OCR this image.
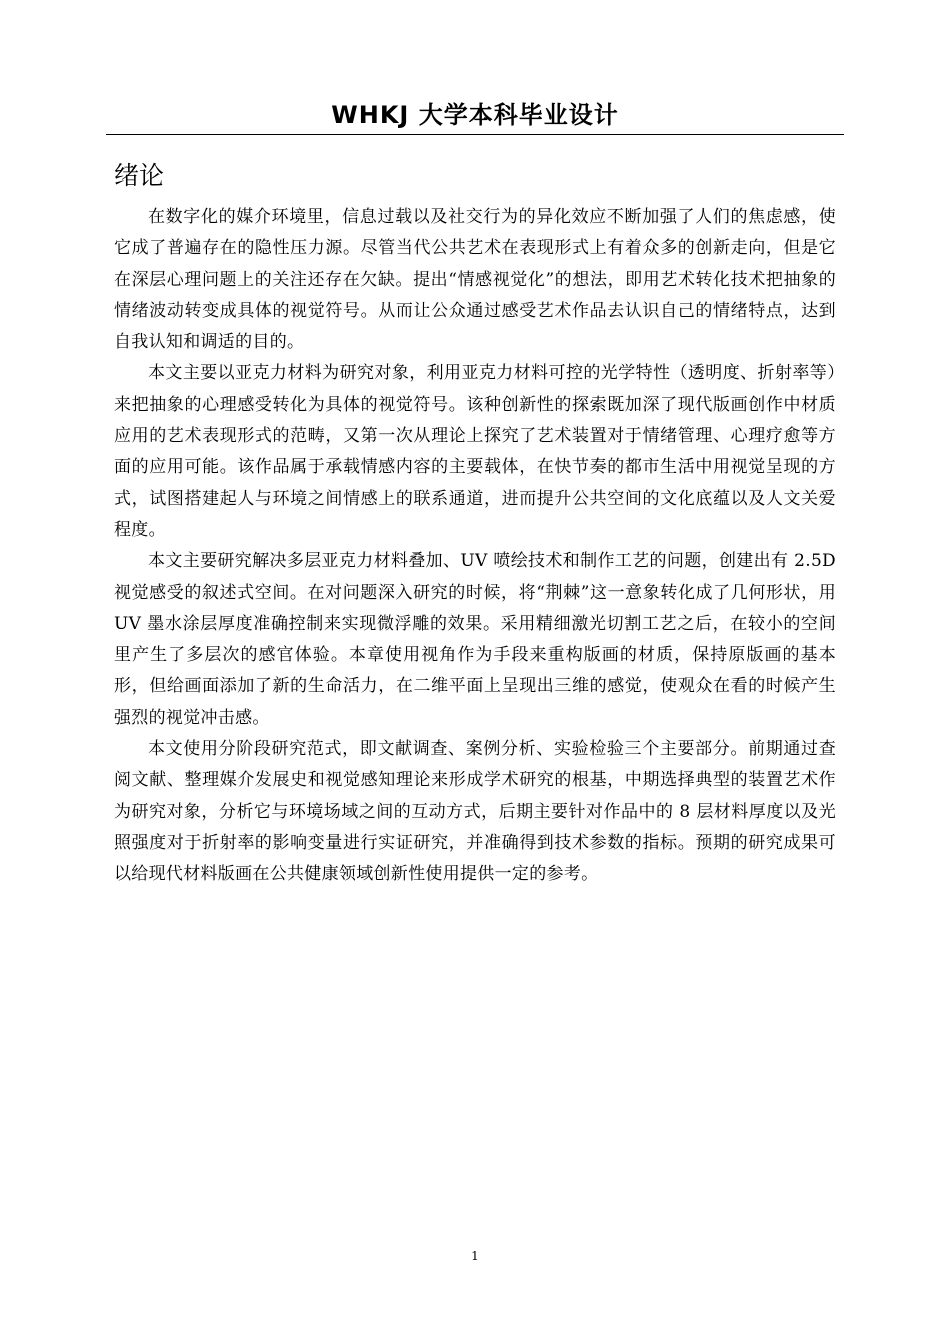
WHKJ 大学本科毕业设计
绪论

在数字化的媒介环境里，信息过载以及社交行为的异化效应不断加强了人们的焦虑感，使它成了普遍存在的隐性压力源。尽管当代公共艺术在表现形式上有着众多的创新走向，但是它在深层心理问题上的关注还存在欠缺。提出“情感视觉化”的想法，即用艺术转化技术把抽象的情绪波动转变成具体的视觉符号。从而让公众通过感受艺术作品去认识自己的情绪特点，达到自我认知和调适的目的。

本文主要以亚克力材料为研究对象，利用亚克力材料可控的光学特性（透明度、折射率等）来把抽象的心理感受转化为具体的视觉符号。该种创新性的探索既加深了现代版画创作中材质应用的艺术表现形式的范畴，又第一次从理论上探究了艺术装置对于情绪管理、心理疗愈等方面的应用可能。该作品属于承载情感内容的主要载体，在快节奏的都市生活中用视觉呈现的方式，试图搭建起人与环境之间情感上的联系通道，进而提升公共空间的文化底蕴以及人文关爱程度。

本文主要研究解决多层亚克力材料叠加、UV 喷绘技术和制作工艺的问题，创建出有 2.5D 视觉感受的叙述式空间。在对问题深入研究的时候，将“荆棘”这一意象转化成了几何形状，用 UV 墨水涂层厚度准确控制来实现微浮雕的效果。采用精细激光切割工艺之后，在较小的空间里产生了多层次的感官体验。本章使用视角作为手段来重构版画的材质，保持原版画的基本形，但给画面添加了新的生命活力，在二维平面上呈现出三维的感觉，使观众在看的时候产生强烈的视觉冲击感。

本文使用分阶段研究范式，即文献调查、案例分析、实验检验三个主要部分。前期通过查阅文献、整理媒介发展史和视觉感知理论来形成学术研究的根基，中期选择典型的装置艺术作为研究对象，分析它与环境场域之间的互动方式，后期主要针对作品中的 8 层材料厚度以及光照强度对于折射率的影响变量进行实证研究，并准确得到技术参数的指标。预期的研究成果可以给现代材料版画在公共健康领域创新性使用提供一定的参考。

1
